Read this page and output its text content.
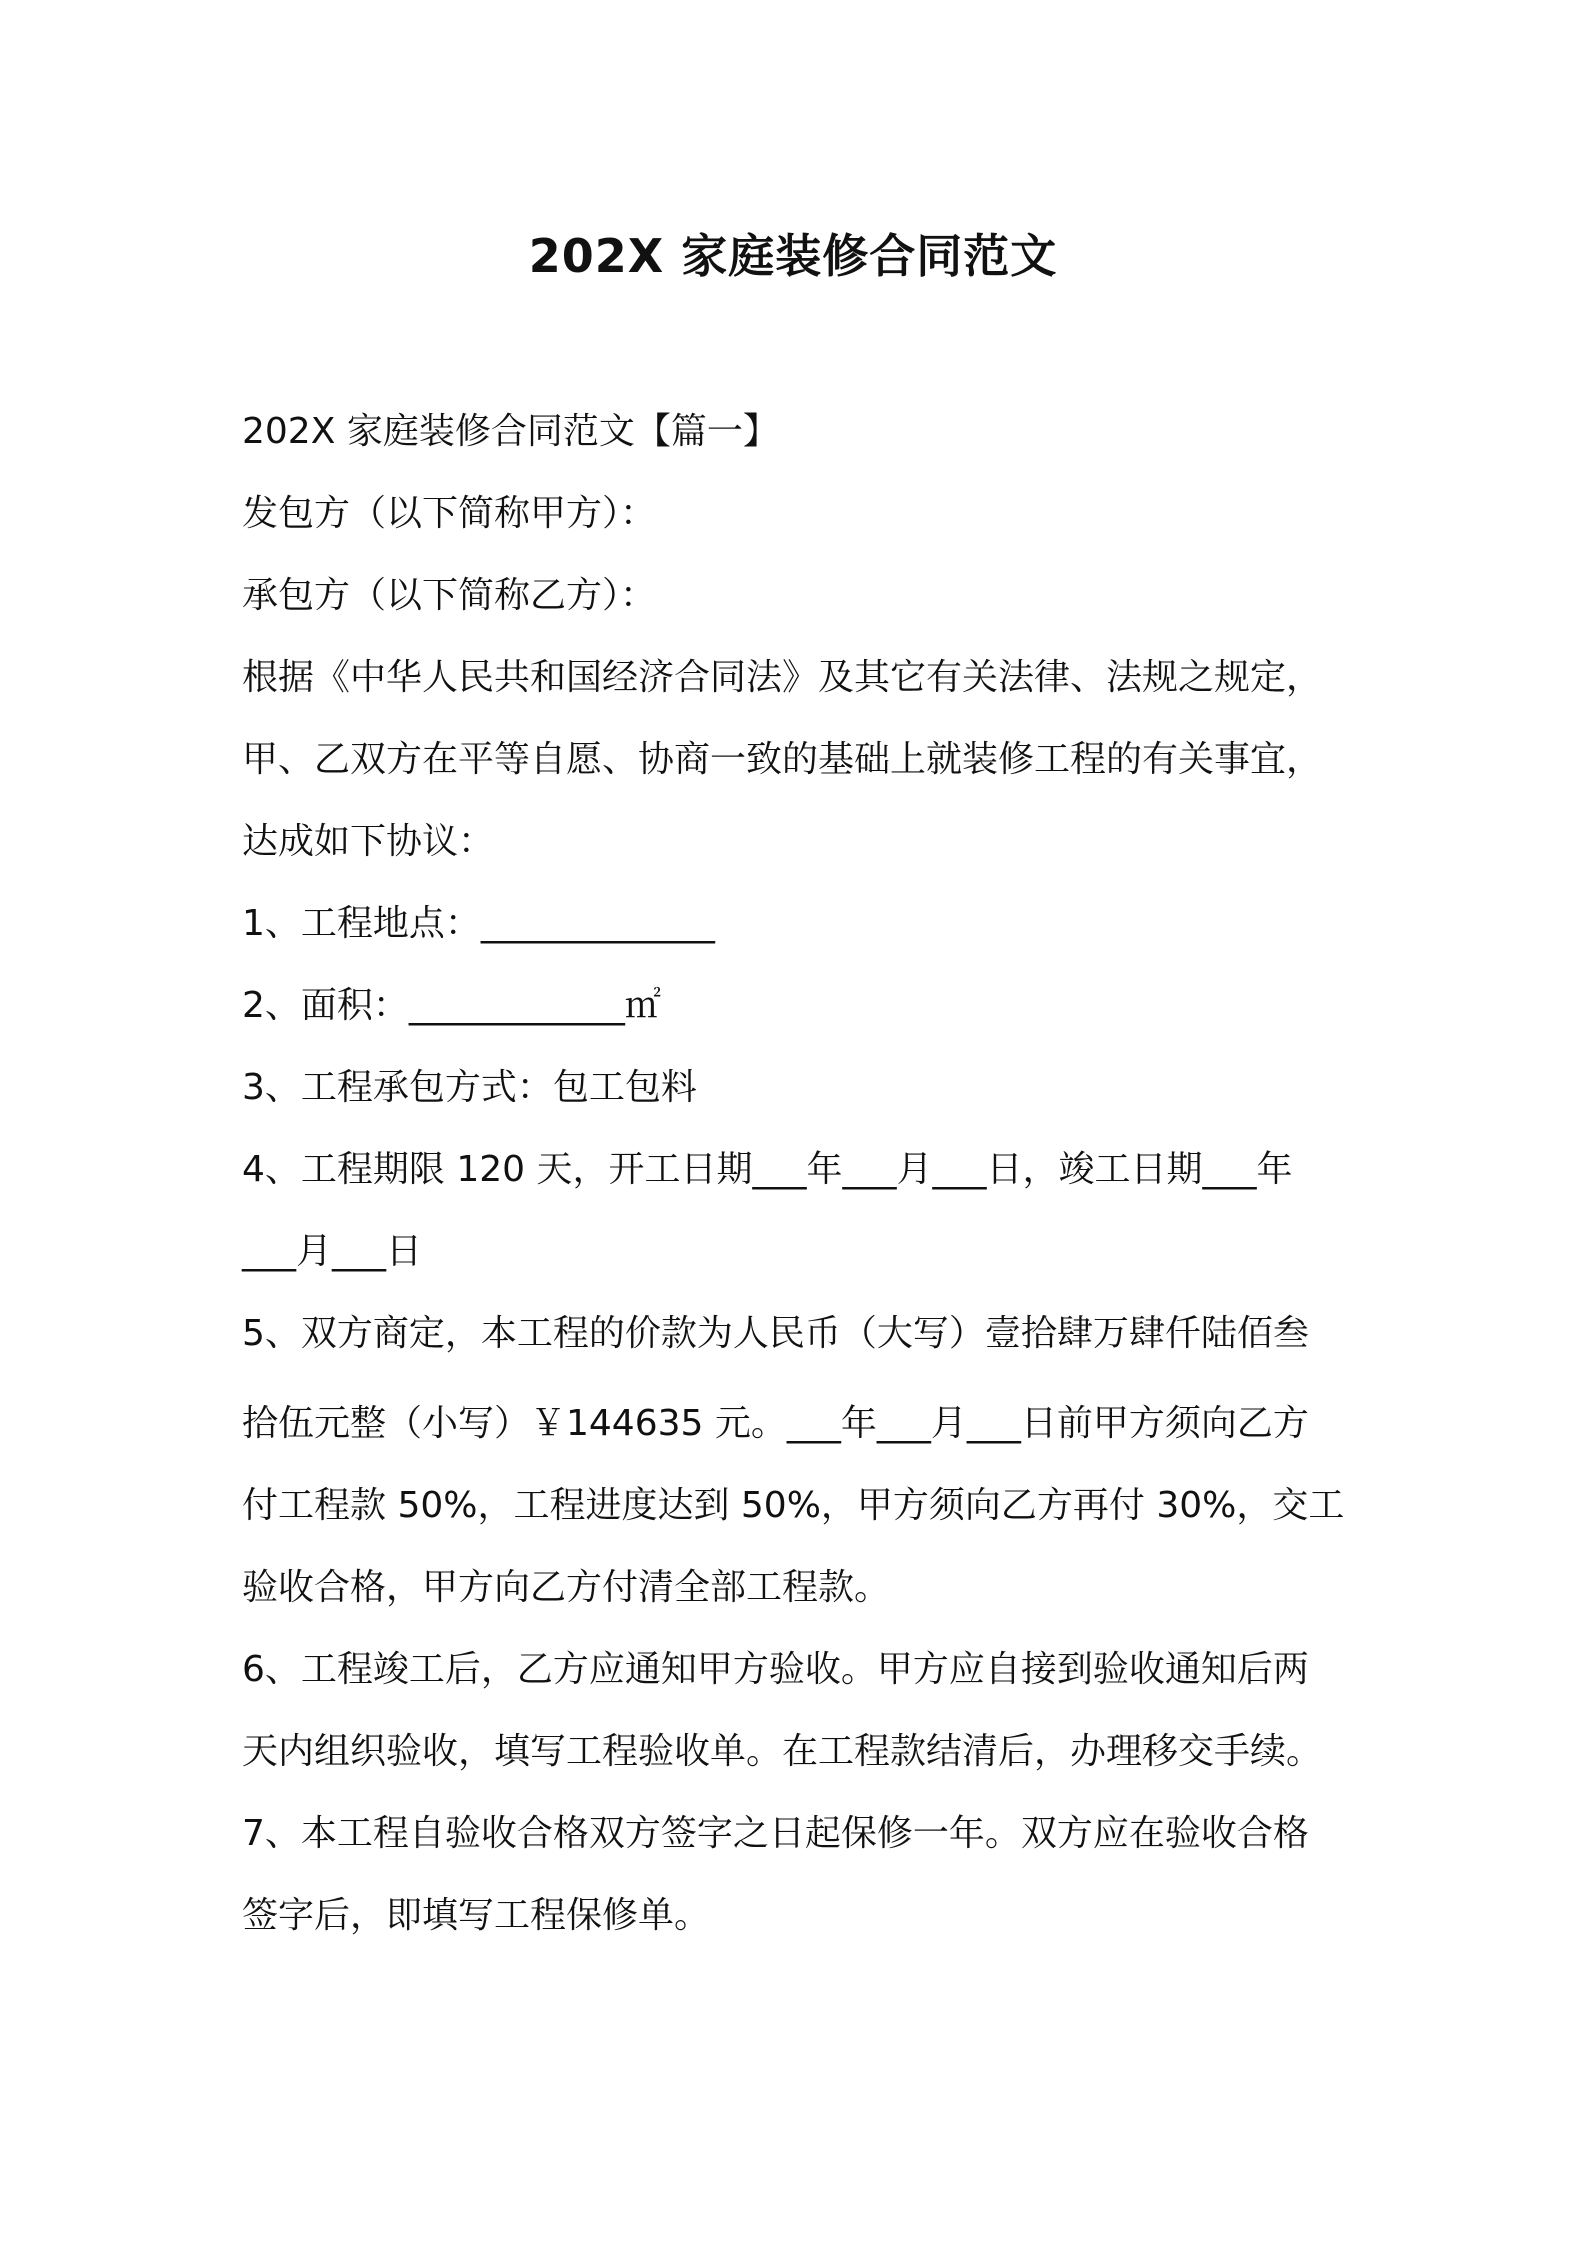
202X 家庭装修合同范文

202X 家庭装修合同范文【篇一】

发包方（以下简称甲方）：

承包方（以下简称乙方）：

根据《中华人民共和国经济合同法》及其它有关法律、法规之规定，

甲、乙双方在平等自愿、协商一致的基础上就装修工程的有关事宜，

达成如下协议：

1、工程地点：_____________

2、面积：____________㎡

3、工程承包方式：包工包料

4、工程期限 120 天，开工日期___年___月___日，竣工日期___年

___月___日

5、双方商定，本工程的价款为人民币（大写）壹拾肆万肆仟陆佰叁

拾伍元整（小写）￥144635 元。___年___月___日前甲方须向乙方

付工程款 50%，工程进度达到 50%，甲方须向乙方再付 30%，交工

验收合格，甲方向乙方付清全部工程款。

6、工程竣工后，乙方应通知甲方验收。甲方应自接到验收通知后两

天内组织验收，填写工程验收单。在工程款结清后，办理移交手续。

7、本工程自验收合格双方签字之日起保修一年。双方应在验收合格

签字后，即填写工程保修单。
